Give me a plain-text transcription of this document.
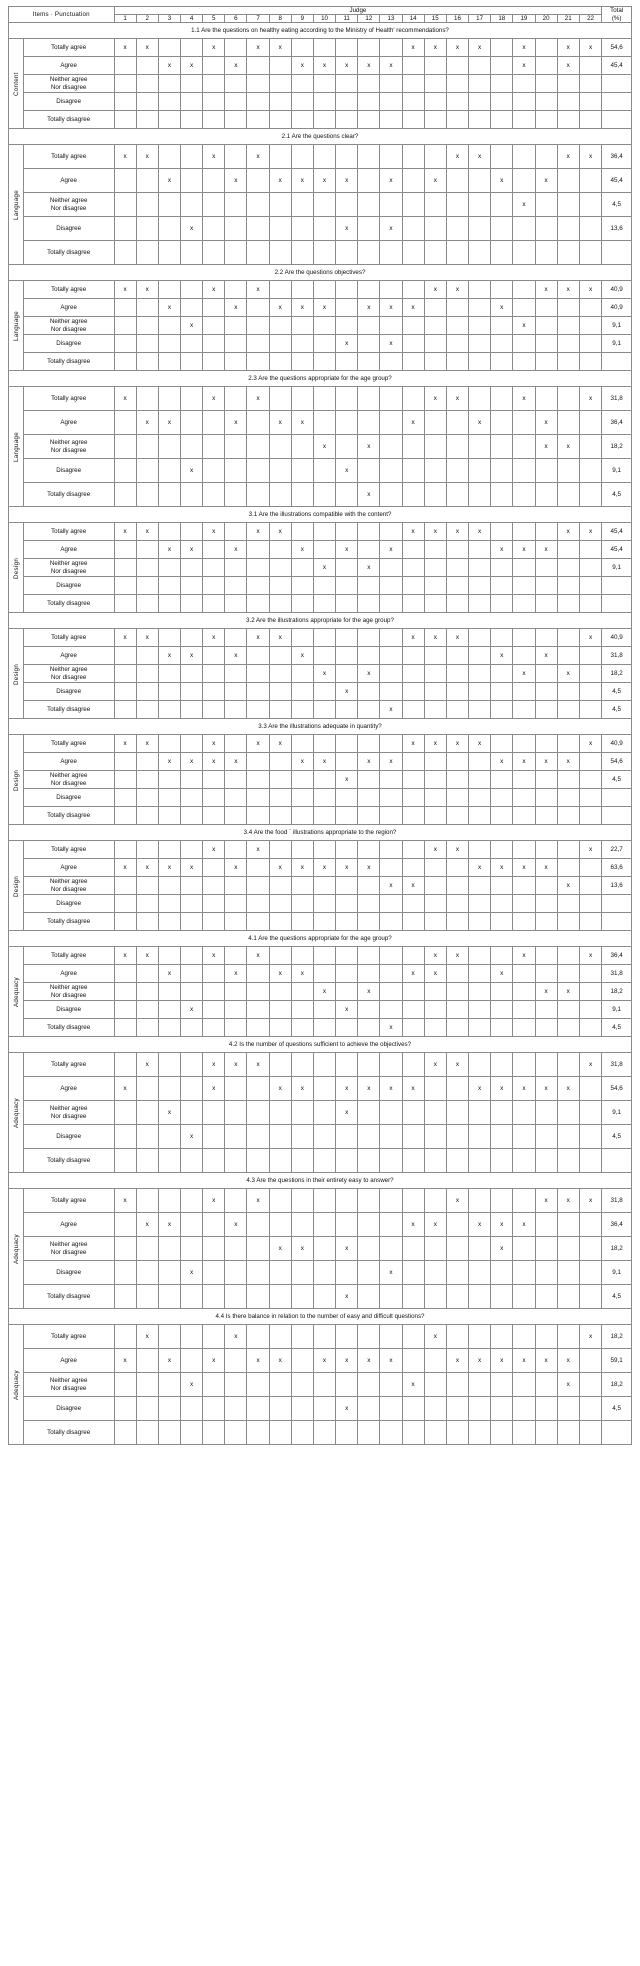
Items · Punctuation		Judge																						Total
(%)
		1	2	3	4	5	6	7	8	9	10	11	12	13	14	15	16	17	18	19	20	21	22	
1.1 Are the questions on healthy eating according to the Ministry of Health' recommendations?																								
Content	Totally agree	x	x			x		x	x						x	x	x	x		x		x	x	54,6
	Agree			x	x		x			x	x	x	x	x						x		x		45,4
	Neither agree
Nor disagree																							
	Disagree																							
	Totally disagree																							
2.1 Are the questions clear?																								
Language	Totally agree	x	x			x		x									x	x				x	x	36,4
	Agree			x			x		x	x	x	x		x		x			x		x			45,4
	Neither agree
Nor disagree																			x				4,5
	Disagree				x							x		x										13,6
	Totally disagree																							
2.2 Are the questions objectives?																								
Language	Totally agree	x	x			x		x								x	x				x	x	x	40,9
	Agree			x			x		x	x	x		x	x	x				x					40,9
	Neither agree
Nor disagree				x															x				9,1
	Disagree											x		x										9,1
	Totally disagree																							
2.3 Are the questions appropriate for the age group?																								
Language	Totally agree	x				x		x								x	x			x			x	31,8
	Agree		x	x			x		x	x					x			x			x			36,4
	Neither agree
Nor disagree										x		x								x	x		18,2
	Disagree				x							x												9,1
	Totally disagree												x											4,5
3.1 Are the illustrations compatible with the content?																								
Design	Totally agree	x	x			x		x	x						x	x	x	x				x	x	45,4
	Agree			x	x		x			x		x		x					x	x	x			45,4
	Neither agree
Nor disagree										x		x											9,1
	Disagree																							
	Totally disagree																							
3.2 Are the illustrations appropriate for the age group?																								
Design	Totally agree	x	x			x		x	x						x	x	x						x	40,9
	Agree			x	x		x			x									x		x			31,8
	Neither agree
Nor disagree										x		x							x		x		18,2
	Disagree											x												4,5
	Totally disagree													x										4,5
3.3 Are the illustrations adequate in quantity?																								
Design	Totally agree	x	x			x		x	x						x	x	x	x					x	40,9
	Agree			x	x	x	x			x	x		x	x					x	x	x	x		54,6
	Neither agree
Nor disagree											x												4,5
	Disagree																							
	Totally disagree																							
3.4 Are the food ` illustrations appropriate to the region?																								
Design	Totally agree					x		x								x	x						x	22,7
	Agree	x	x	x	x		x		x	x	x	x	x					x	x	x	x			63,6
	Neither agree
Nor disagree													x	x							x		13,6
	Disagree																							
	Totally disagree																							
4.1 Are the questions appropriate for the age group?																								
Adequacy	Totally agree	x	x			x		x								x	x			x			x	36,4
	Agree			x			x		x	x					x	x			x					31,8
	Neither agree
Nor disagree										x		x								x	x		18,2
	Disagree				x							x												9,1
	Totally disagree													x										4,5
4.2 Is the number of questions sufficient to achieve the objectives?																								
Adequacy	Totally agree		x			x	x	x								x	x						x	31,8
	Agree	x				x			x	x		x	x	x	x			x	x	x	x	x		54,6
	Neither agree
Nor disagree			x								x												9,1
	Disagree				x																			4,5
	Totally disagree																							
4.3 Are the questions in their entirety easy to answer?																								
Adequacy	Totally agree	x				x		x									x				x	x	x	31,8
	Agree		x	x			x								x	x		x	x	x				36,4
	Neither agree
Nor disagree								x	x		x							x					18,2
	Disagree				x									x										9,1
	Totally disagree											x												4,5
4.4 Is there balance in relation to the number of easy and difficult questions?																								
Adequacy	Totally agree		x				x									x							x	18,2
	Agree	x		x		x		x	x		x	x	x	x			x	x	x	x	x	x		59,1
	Neither agree
Nor disagree				x										x							x		18,2
	Disagree											x												4,5
	Totally disagree																							
